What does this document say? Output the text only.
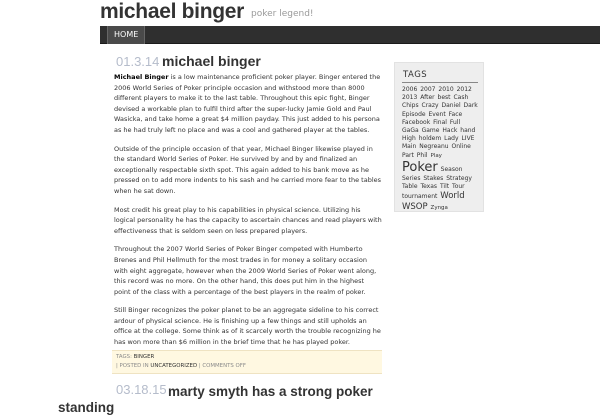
michael binger poker legend!
HOME
01.3.14 michael binger

Michael Binger is a low maintenance proficient poker player. Binger entered the 2006 World Series of Poker principle occasion and withstood more than 8000 different players to make it to the last table. Throughout this epic fight, Binger devised a workable plan to fulfil third after the super-lucky Jamie Gold and Paul Wasicka, and take home a great $4 million payday. This just added to his persona as he had truly left no place and was a cool and gathered player at the tables.

Outside of the principle occasion of that year, Michael Binger likewise played in the standard World Series of Poker. He survived by and by and finalized an exceptionally respectable sixth spot. This again added to his bank move as he pressed on to add more indents to his sash and he carried more fear to the tables when he sat down.

Most credit his great play to his capabilities in physical science. Utilizing his logical personality he has the capacity to ascertain chances and read players with effectiveness that is seldom seen on less prepared players.

Throughout the 2007 World Series of Poker Binger competed with Humberto Brenes and Phil Hellmuth for the most trades in for money a solitary occasion with eight aggregate, however when the 2009 World Series of Poker went along, this record was no more. On the other hand, this does put him in the highest point of the class with a percentage of the best players in the realm of poker.

Still Binger recognizes the poker planet to be an aggregate sideline to his correct ardour of physical science. He is finishing up a few things and still upholds an office at the college. Some think as of it scarcely worth the trouble recognizing he has won more than $6 million in the brief time that he has played poker.

TAGS: BINGER
| POSTED IN UNCATEGORIZED | COMMENTS OFF
03.18.15 marty smyth has a strong poker
standing
TAGS
2006 2007 2010 2012 2013 After best Cash Chips Crazy Daniel Dark Episode Event Face Facebook Final Full GaGa Game Hack hand High holdem Lady LIVE Main Negreanu Online Part Phil Play Poker Season Series Stakes Strategy Table Texas Tilt Tour tournament World WSOP Zynga
